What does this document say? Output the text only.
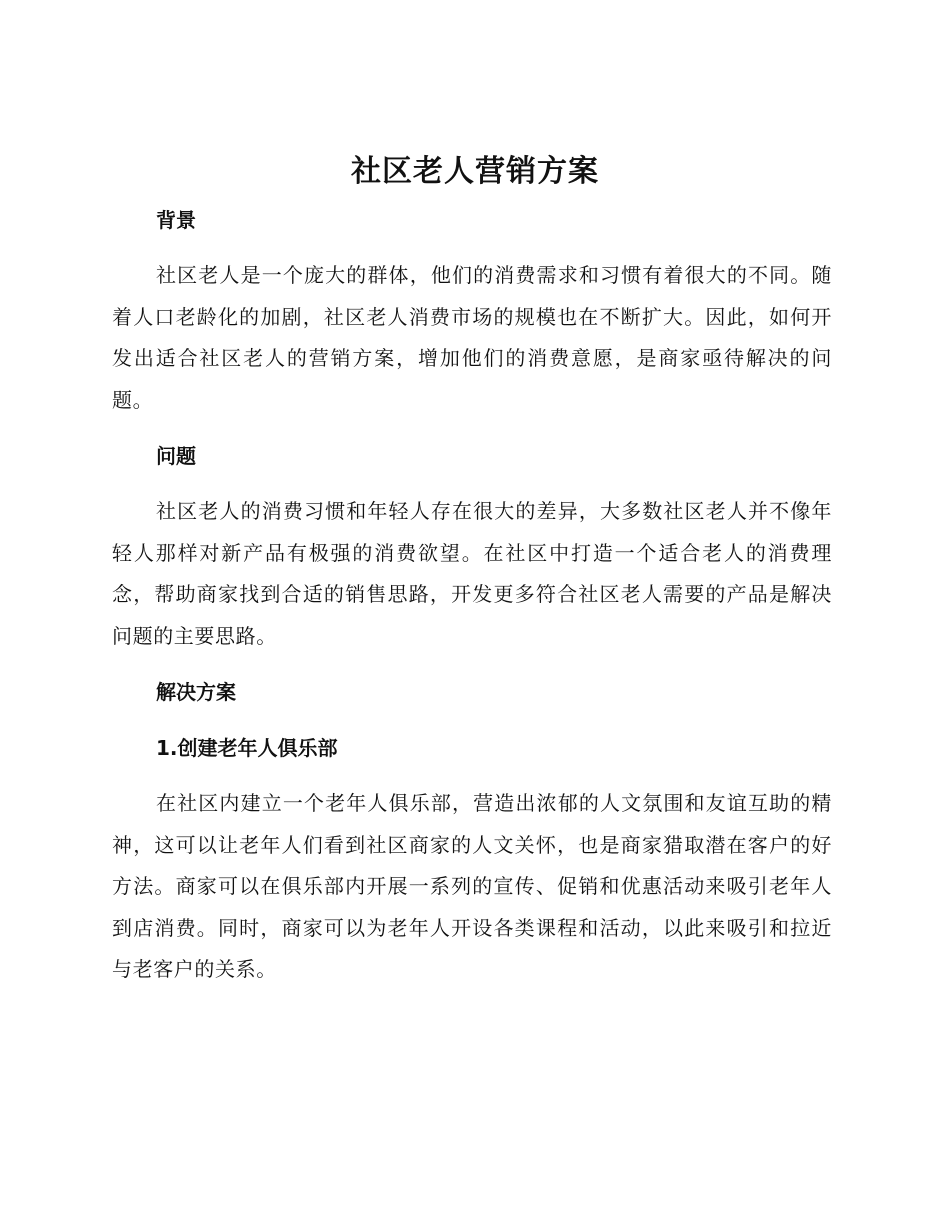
社区老人营销方案
背景

社区老人是一个庞大的群体，他们的消费需求和习惯有着很大的不同。随着人口老龄化的加剧，社区老人消费市场的规模也在不断扩大。因此，如何开发出适合社区老人的营销方案，增加他们的消费意愿，是商家亟待解决的问题。

问题

社区老人的消费习惯和年轻人存在很大的差异，大多数社区老人并不像年轻人那样对新产品有极强的消费欲望。在社区中打造一个适合老人的消费理念，帮助商家找到合适的销售思路，开发更多符合社区老人需要的产品是解决问题的主要思路。

解决方案
1.创建老年人俱乐部

在社区内建立一个老年人俱乐部，营造出浓郁的人文氛围和友谊互助的精神，这可以让老年人们看到社区商家的人文关怀，也是商家猎取潜在客户的好方法。商家可以在俱乐部内开展一系列的宣传、促销和优惠活动来吸引老年人到店消费。同时，商家可以为老年人开设各类课程和活动，以此来吸引和拉近与老客户的关系。
